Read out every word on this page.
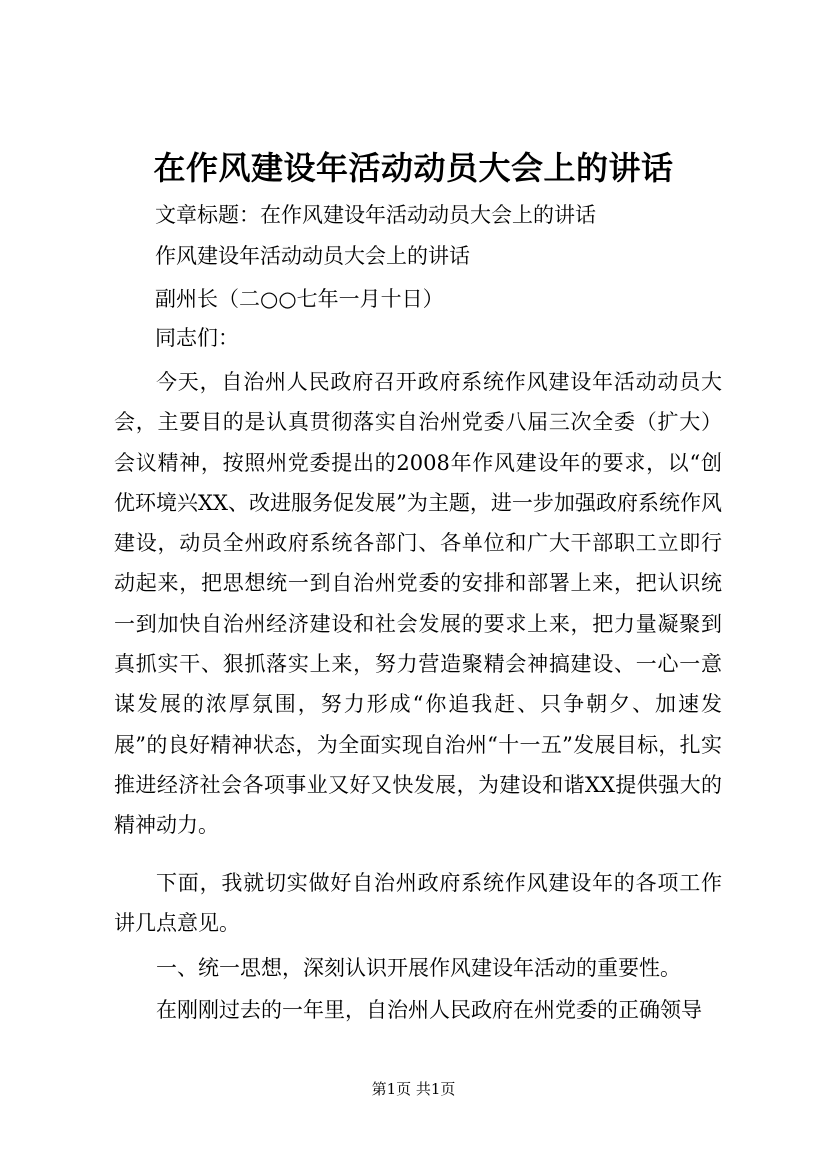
在作风建设年活动动员大会上的讲话
文章标题：在作风建设年活动动员大会上的讲话
作风建设年活动动员大会上的讲话
副州长（二○○七年一月十日）
同志们：

今天，自治州人民政府召开政府系统作风建设年活动动员大会，主要目的是认真贯彻落实自治州党委八届三次全委（扩大）会议精神，按照州党委提出的2008年作风建设年的要求，以“创优环境兴XX、改进服务促发展”为主题，进一步加强政府系统作风建设，动员全州政府系统各部门、各单位和广大干部职工立即行动起来，把思想统一到自治州党委的安排和部署上来，把认识统一到加快自治州经济建设和社会发展的要求上来，把力量凝聚到真抓实干、狠抓落实上来，努力营造聚精会神搞建设、一心一意谋发展的浓厚氛围，努力形成“你追我赶、只争朝夕、加速发展”的良好精神状态，为全面实现自治州“十一五”发展目标，扎实推进经济社会各项事业又好又快发展，为建设和谐XX提供强大的精神动力。

下面，我就切实做好自治州政府系统作风建设年的各项工作讲几点意见。

一、统一思想，深刻认识开展作风建设年活动的重要性。

在刚刚过去的一年里，自治州人民政府在州党委的正确领导

第1页 共1页
